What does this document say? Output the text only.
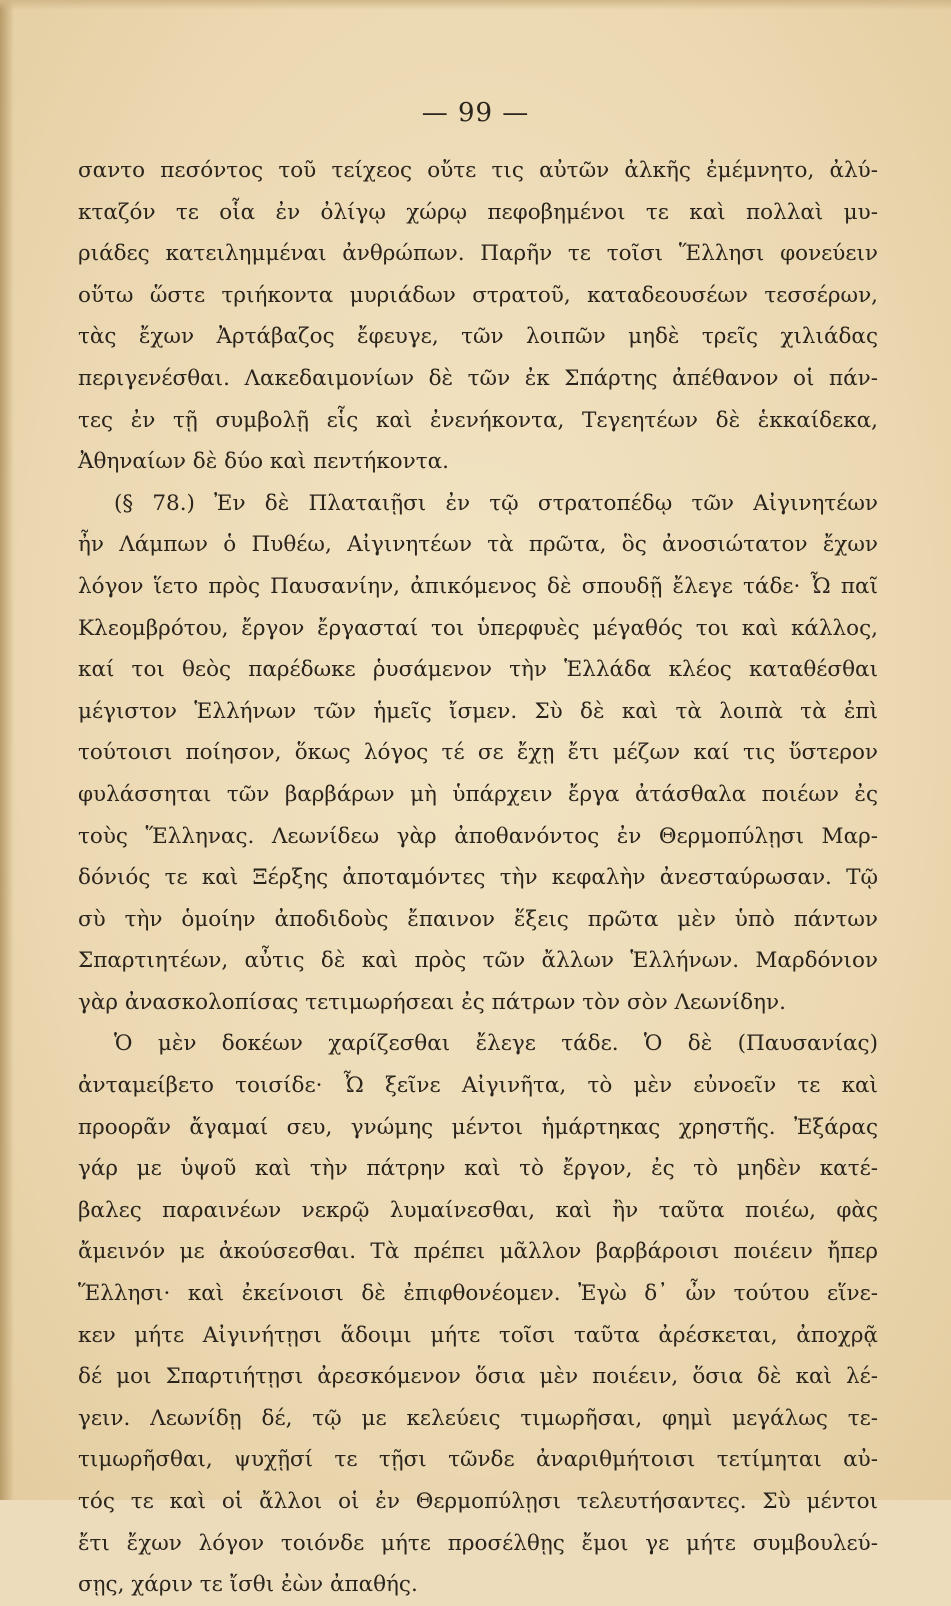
— 99 —
σαντο πεσόντος τοῦ τείχεος οὔτε τις αὐτῶν ἀλκῆς ἐμέμνητο, ἀλύ-
κταζόν τε οἷα ἐν ὀλίγῳ χώρῳ πεφοβημένοι τε καὶ πολλαὶ μυ-
ριάδες κατειλημμέναι ἀνθρώπων. Παρῆν τε τοῖσι Ἕλλησι φονεύειν
οὕτω ὥστε τριήκοντα μυριάδων στρατοῦ, καταδεουσέων τεσσέρων,
τὰς ἔχων Ἀρτάβαζος ἔφευγε, τῶν λοιπῶν μηδὲ τρεῖς χιλιάδας
περιγενέσθαι. Λακεδαιμονίων δὲ τῶν ἐκ Σπάρτης ἀπέθανον οἱ πάν-
τες ἐν τῇ συμβολῇ εἷς καὶ ἐνενήκοντα, Τεγεητέων δὲ ἑκκαίδεκα,
Ἀθηναίων δὲ δύο καὶ πεντήκοντα.
(§ 78.) Ἐν δὲ Πλαταιῇσι ἐν τῷ στρατοπέδῳ τῶν Αἰγινητέων
ἦν Λάμπων ὁ Πυθέω, Αἰγινητέων τὰ πρῶτα, ὃς ἀνοσιώτατον ἔχων
λόγον ἵετο πρὸς Παυσανίην, ἀπικόμενος δὲ σπουδῇ ἔλεγε τάδε· Ὦ παῖ
Κλεομβρότου, ἔργον ἔργασταί τοι ὑπερφυὲς μέγαθός τοι καὶ κάλλος,
καί τοι θεὸς παρέδωκε ῥυσάμενον τὴν Ἑλλάδα κλέος καταθέσθαι
μέγιστον Ἑλλήνων τῶν ἡμεῖς ἴσμεν. Σὺ δὲ καὶ τὰ λοιπὰ τὰ ἐπὶ
τούτοισι ποίησον, ὅκως λόγος τέ σε ἔχῃ ἔτι μέζων καί τις ὕστερον
φυλάσσηται τῶν βαρβάρων μὴ ὑπάρχειν ἔργα ἀτάσθαλα ποιέων ἐς
τοὺς Ἕλληνας. Λεωνίδεω γὰρ ἀποθανόντος ἐν Θερμοπύλῃσι Μαρ-
δόνιός τε καὶ Ξέρξης ἀποταμόντες τὴν κεφαλὴν ἀνεσταύρωσαν. Τῷ
σὺ τὴν ὁμοίην ἀποδιδοὺς ἔπαινον ἕξεις πρῶτα μὲν ὑπὸ πάντων
Σπαρτιητέων, αὖτις δὲ καὶ πρὸς τῶν ἄλλων Ἑλλήνων. Μαρδόνιον
γὰρ ἀνασκολοπίσας τετιμωρήσεαι ἐς πάτρων τὸν σὸν Λεωνίδην.
Ὁ μὲν δοκέων χαρίζεσθαι ἔλεγε τάδε. Ὁ δὲ (Παυσανίας)
ἀνταμείβετο τοισίδε· Ὦ ξεῖνε Αἰγινῆτα, τὸ μὲν εὐνοεῖν τε καὶ
προορᾶν ἄγαμαί σευ, γνώμης μέντοι ἡμάρτηκας χρηστῆς. Ἐξάρας
γάρ με ὑψοῦ καὶ τὴν πάτρην καὶ τὸ ἔργον, ἐς τὸ μηδὲν κατέ-
βαλες παραινέων νεκρῷ λυμαίνεσθαι, καὶ ἢν ταῦτα ποιέω, φὰς
ἄμεινόν με ἀκούσεσθαι. Τὰ πρέπει μᾶλλον βαρβάροισι ποιέειν ἤπερ
Ἕλλησι· καὶ ἐκείνοισι δὲ ἐπιφθονέομεν. Ἐγὼ δ᾽ ὦν τούτου εἵνε-
κεν μήτε Αἰγινήτῃσι ἅδοιμι μήτε τοῖσι ταῦτα ἀρέσκεται, ἀποχρᾷ
δέ μοι Σπαρτιήτῃσι ἀρεσκόμενον ὅσια μὲν ποιέειν, ὅσια δὲ καὶ λέ-
γειν. Λεωνίδῃ δέ, τῷ με κελεύεις τιμωρῆσαι, φημὶ μεγάλως τε-
τιμωρῆσθαι, ψυχῇσί τε τῇσι τῶνδε ἀναριθμήτοισι τετίμηται αὐ-
τός τε καὶ οἱ ἄλλοι οἱ ἐν Θερμοπύλῃσι τελευτήσαντες. Σὺ μέντοι
ἔτι ἔχων λόγον τοιόνδε μήτε προσέλθῃς ἔμοι γε μήτε συμβουλεύ-
σῃς, χάριν τε ἴσθι ἐὼν ἀπαθής.
